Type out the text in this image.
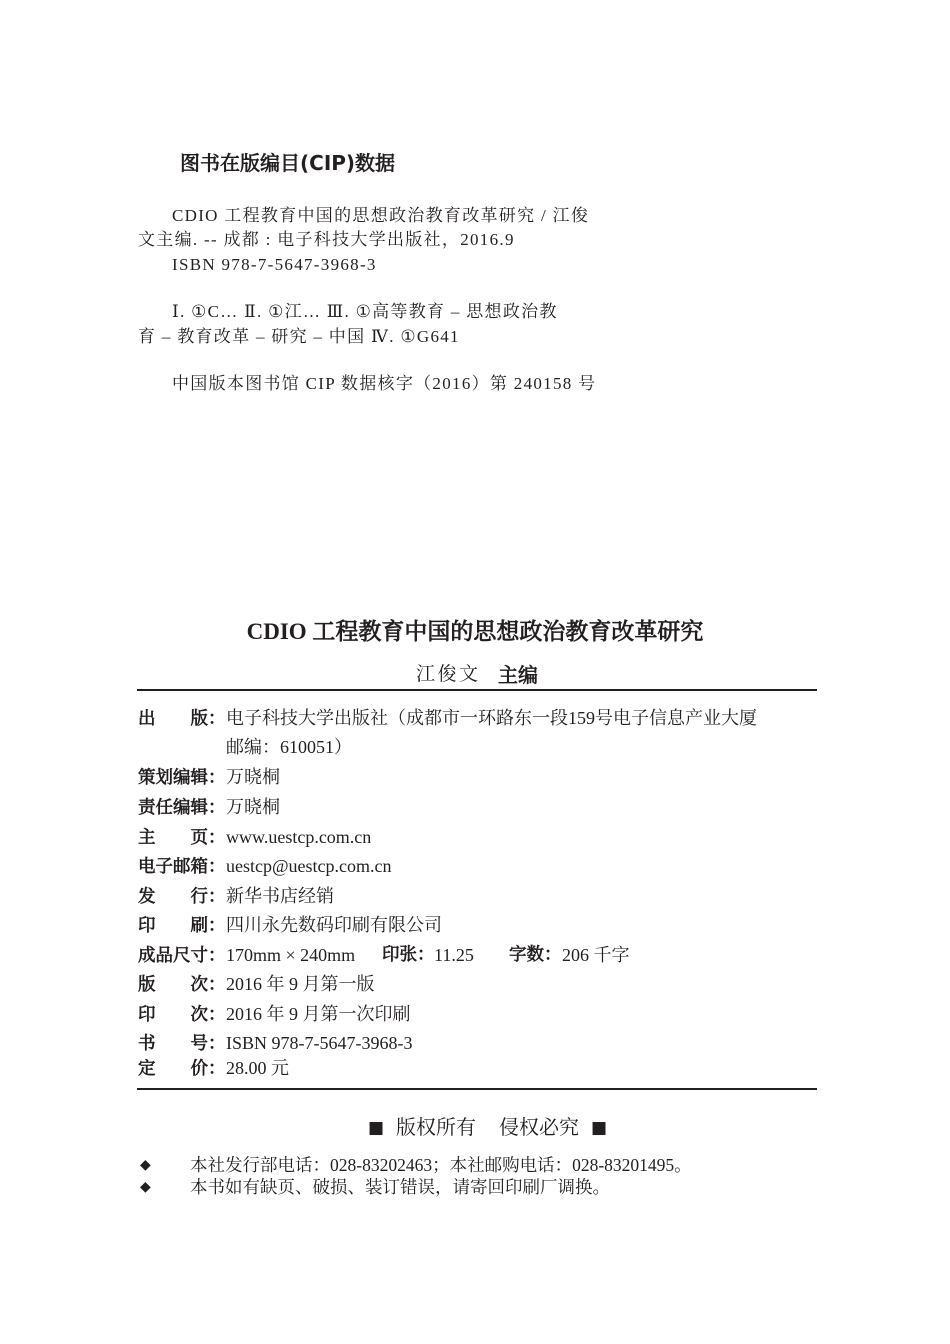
图书在版编目(CIP)数据
CDIO 工程教育中国的思想政治教育改革研究 / 江俊
文主编. -- 成都 : 电子科技大学出版社，2016.9
ISBN 978-7-5647-3968-3
Ⅰ. ①C… Ⅱ. ①江… Ⅲ. ①高等教育 – 思想政治教
育 – 教育改革 – 研究 – 中国 Ⅳ. ①G641
中国版本图书馆 CIP 数据核字（2016）第 240158 号
CDIO 工程教育中国的思想政治教育改革研究
江俊文 主编
出　　版：电子科技大学出版社（成都市一环路东一段159号电子信息产业大厦
邮编：610051）
策划编辑：万晓桐
责任编辑：万晓桐
主　　页：www.uestcp.com.cn
电子邮箱：uestcp@uestcp.com.cn
发　　行：新华书店经销
印　　刷：四川永先数码印刷有限公司
成品尺寸： 170mm × 240mm 印张： 11.25 字数： 206 千字
版　　次：2016 年 9 月第一版
印　　次：2016 年 9 月第一次印刷
书　　号：ISBN 978-7-5647-3968-3
定　　价：28.00 元
■ 版权所有 侵权必究 ■
◆ 本社发行部电话：028-83202463；本社邮购电话：028-83201495。
◆ 本书如有缺页、破损、装订错误，请寄回印刷厂调换。
